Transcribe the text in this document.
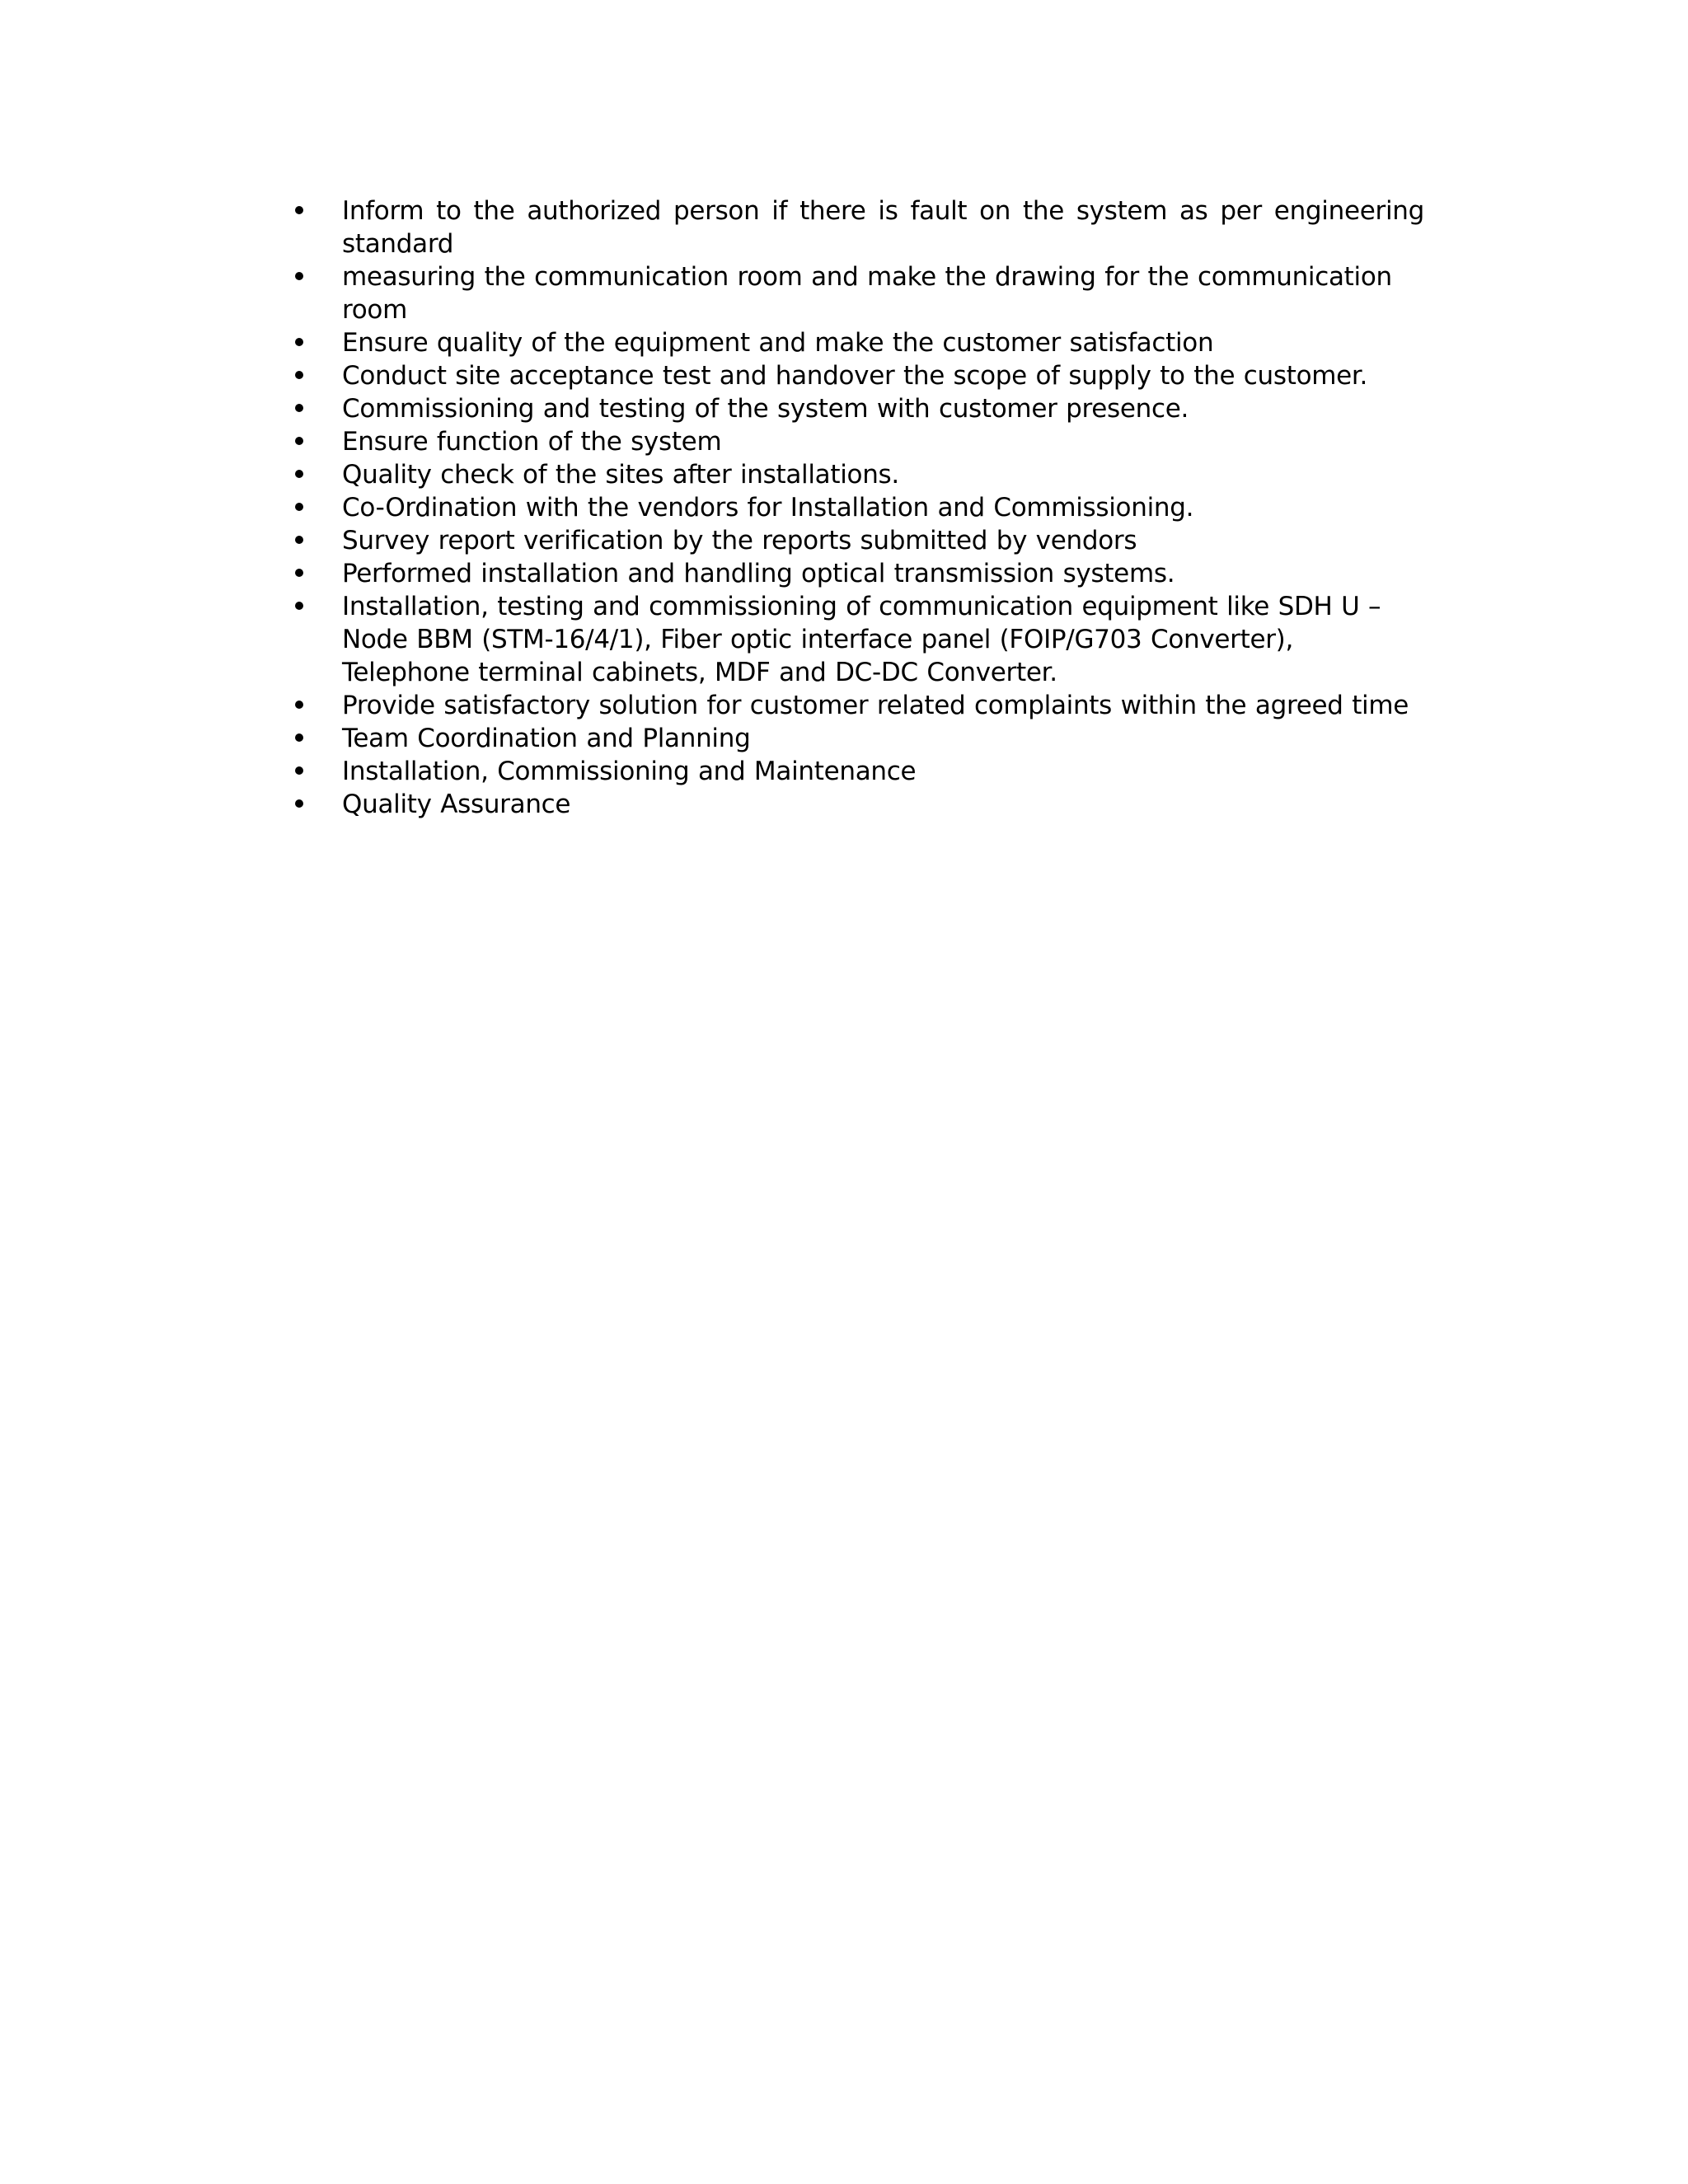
Inform to the authorized person if there is fault on the system as per engineering standard
measuring the communication room and make the drawing for the communication room
Ensure quality of the equipment and make the customer satisfaction
Conduct site acceptance test and handover the scope of supply to the customer.
Commissioning and testing of the system with customer presence.
Ensure function of the system
Quality check of the sites after installations.
Co-Ordination with the vendors for Installation and Commissioning.
Survey report verification by the reports submitted by vendors
Performed installation and handling optical transmission systems.
Installation, testing and commissioning of communication equipment like SDH U –Node BBM (STM-16/4/1), Fiber optic interface panel (FOIP/G703 Converter), Telephone terminal cabinets, MDF and DC-DC Converter.
Provide satisfactory solution for customer related complaints within the agreed time
Team Coordination and Planning
Installation, Commissioning and Maintenance
Quality Assurance
